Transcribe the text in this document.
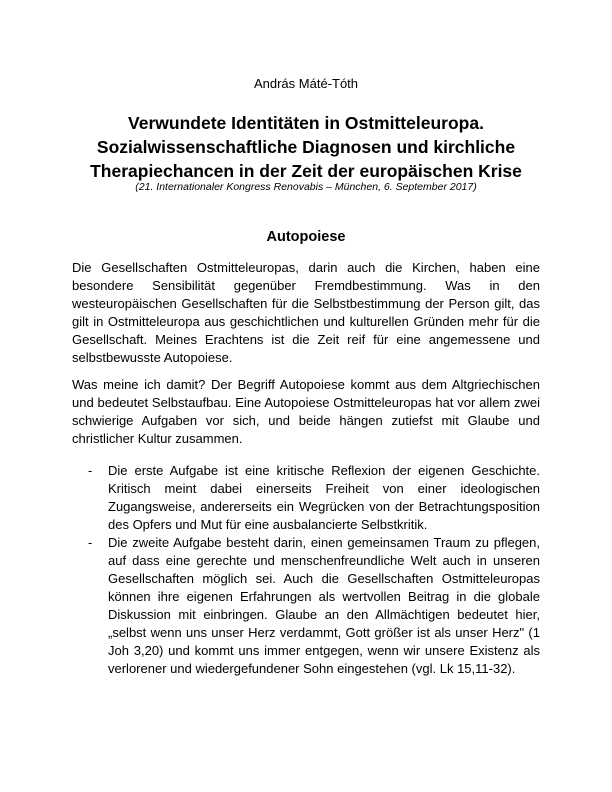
András Máté-Tóth
Verwundete Identitäten in Ostmitteleuropa. Sozialwissenschaftliche Diagnosen und kirchliche Therapiechancen in der Zeit der europäischen Krise
(21. Internationaler Kongress Renovabis – München, 6. September 2017)
Autopoiese

Die Gesellschaften Ostmitteleuropas, darin auch die Kirchen, haben eine besondere Sensibilität gegenüber Fremdbestimmung. Was in den westeuropäischen Gesellschaften für die Selbstbestimmung der Person gilt, das gilt in Ostmitteleuropa aus geschichtlichen und kulturellen Gründen mehr für die Gesellschaft. Meines Erachtens ist die Zeit reif für eine angemessene und selbstbewusste Autopoiese.

Was meine ich damit? Der Begriff Autopoiese kommt aus dem Altgriechischen und bedeutet Selbstaufbau. Eine Autopoiese Ostmitteleuropas hat vor allem zwei schwierige Aufgaben vor sich, und beide hängen zutiefst mit Glaube und christlicher Kultur zusammen.

- Die erste Aufgabe ist eine kritische Reflexion der eigenen Geschichte. Kritisch meint dabei einerseits Freiheit von einer ideologischen Zugangsweise, andererseits ein Wegrücken von der Betrachtungsposition des Opfers und Mut für eine ausbalancierte Selbstkritik.
- Die zweite Aufgabe besteht darin, einen gemeinsamen Traum zu pflegen, auf dass eine gerechte und menschenfreundliche Welt auch in unseren Gesellschaften möglich sei. Auch die Gesellschaften Ostmitteleuropas können ihre eigenen Erfahrungen als wertvollen Beitrag in die globale Diskussion mit einbringen. Glaube an den Allmächtigen bedeutet hier, „selbst wenn uns unser Herz verdammt, Gott größer ist als unser Herz" (1 Joh 3,20) und kommt uns immer entgegen, wenn wir unsere Existenz als verlorener und wiedergefundener Sohn eingestehen (vgl. Lk 15,11-32).
